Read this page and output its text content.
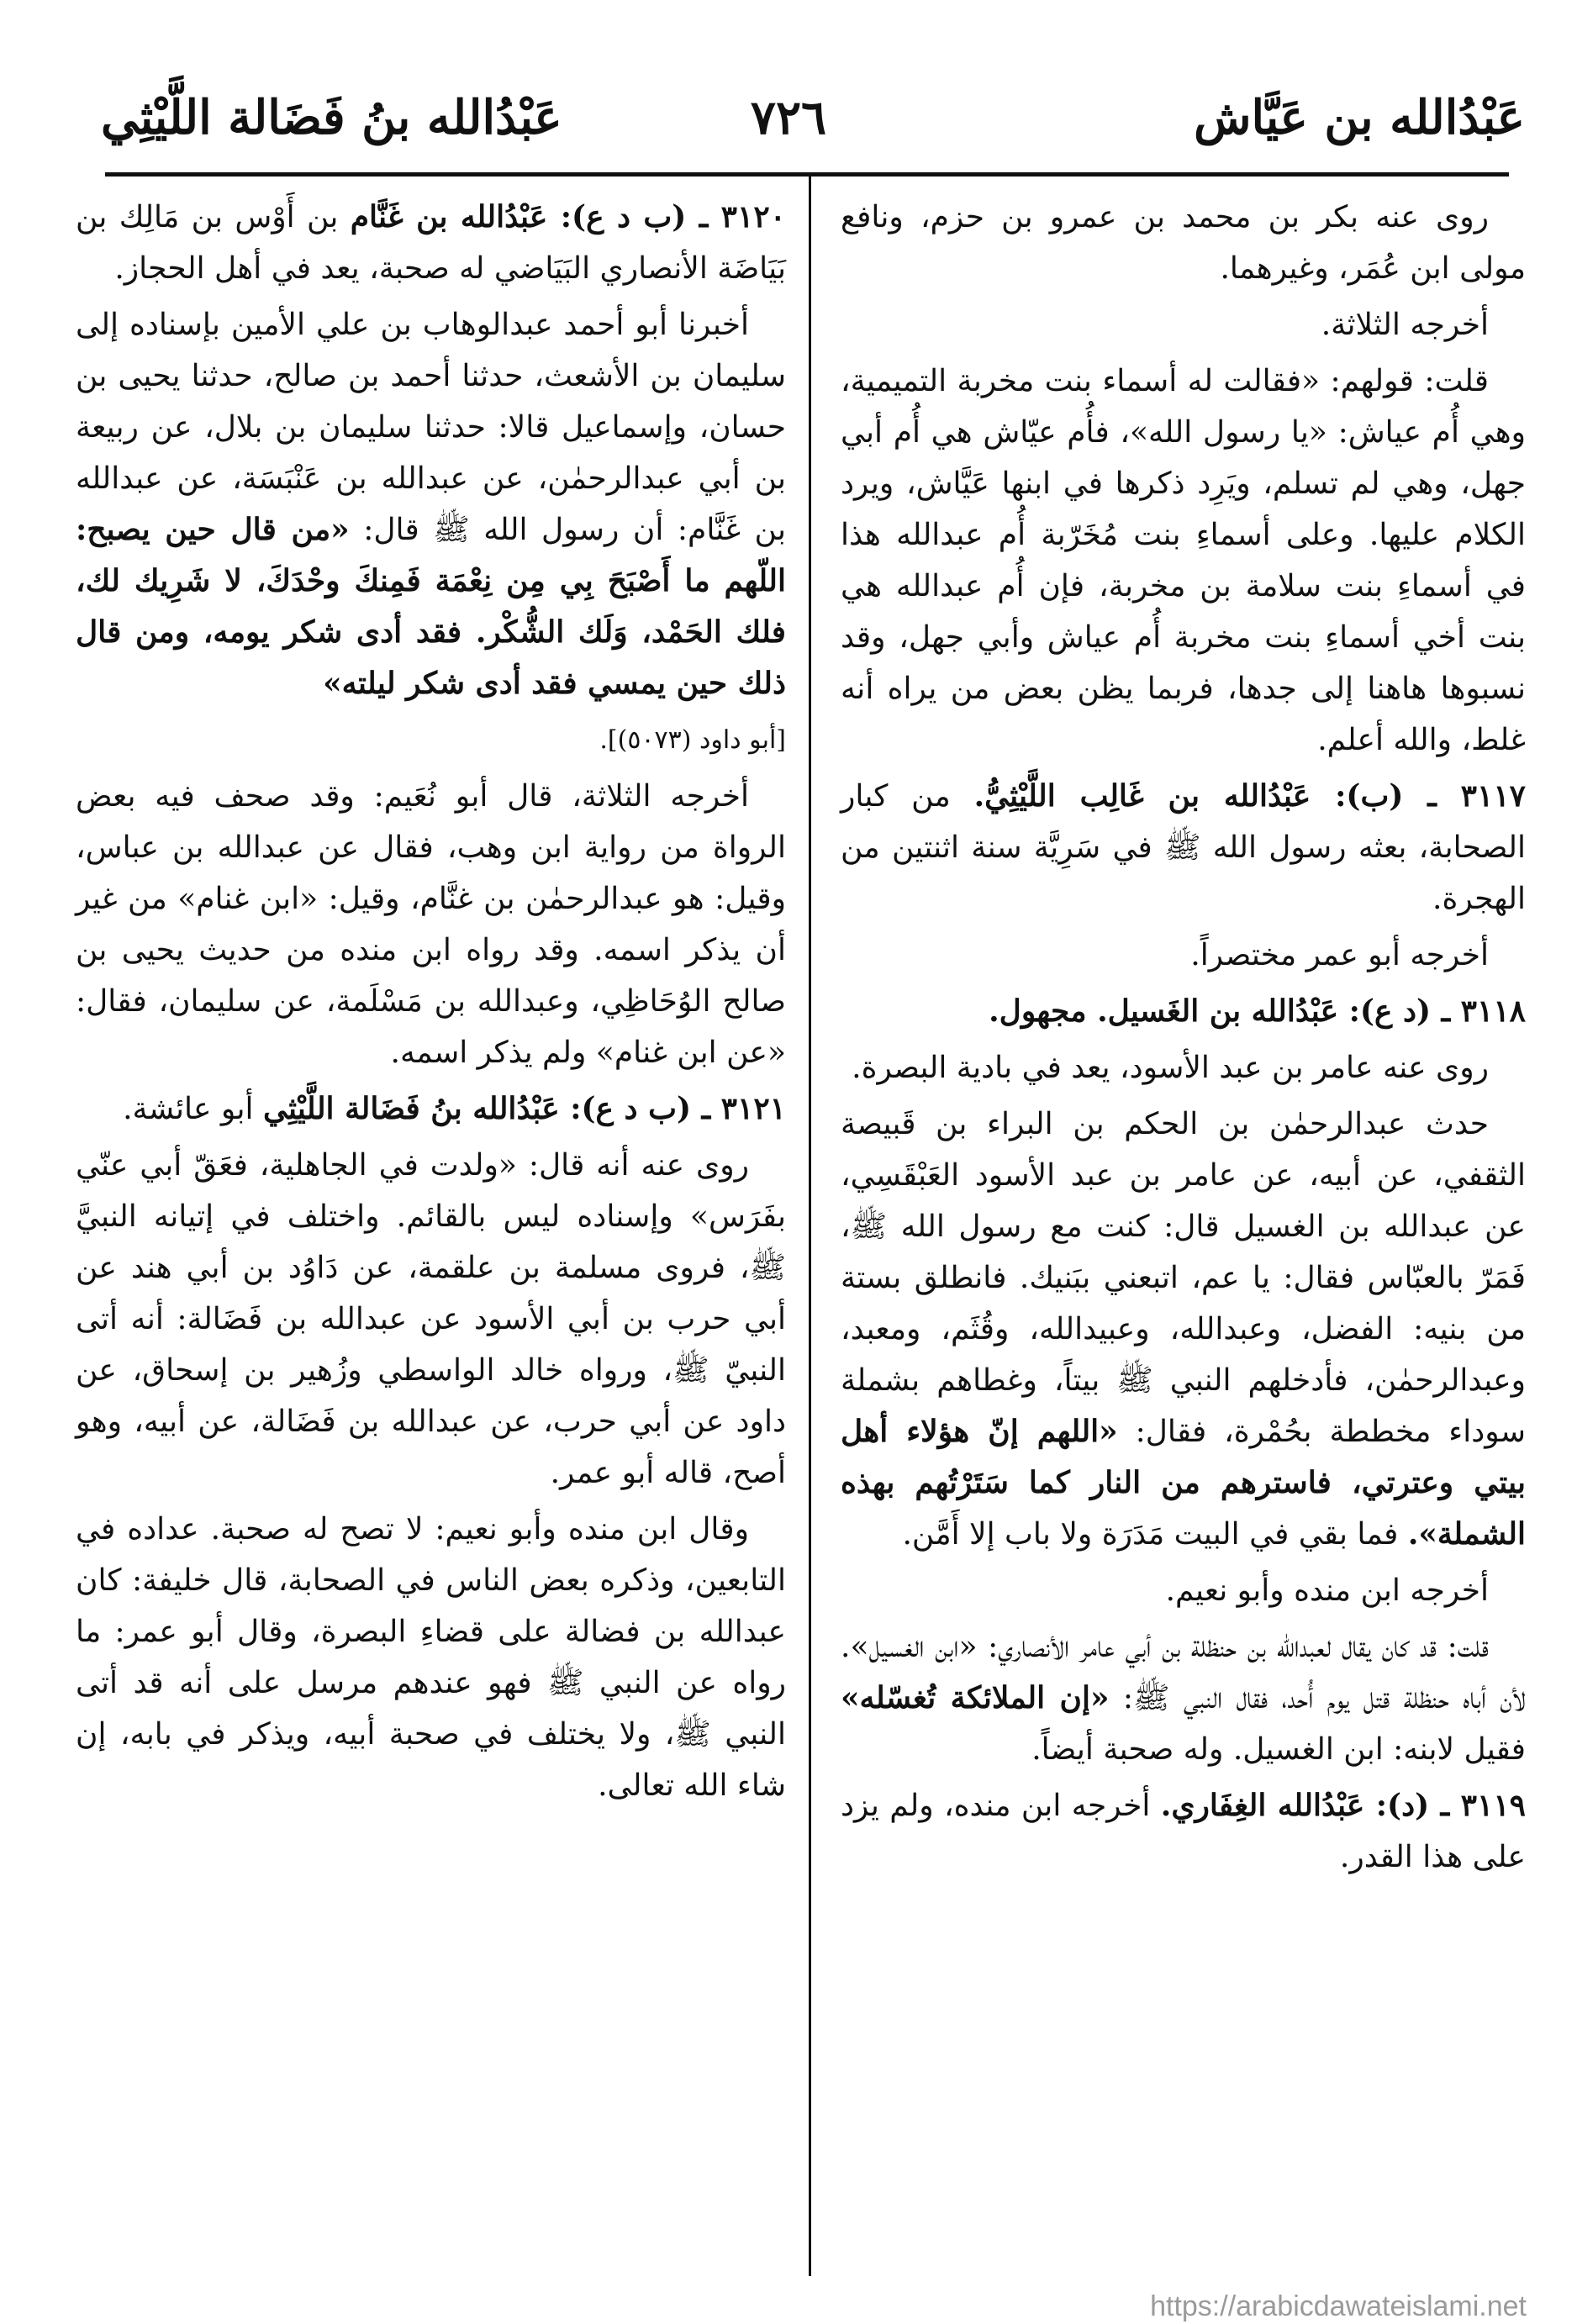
عَبْدُالله بن عَيَّاش
٧٢٦
عَبْدُالله بنُ فَضَالة اللَّيْثِي

روى عنه بكر بن محمد بن عمرو بن حزم، ونافع مولى ابن عُمَر، وغيرهما.

أخرجه الثلاثة.

قلت: قولهم: «فقالت له أسماء بنت مخربة التميمية، وهي أُم عياش: «يا رسول الله»، فأُم عيّاش هي أُم أبي جهل، وهي لم تسلم، ويَرِد ذكرها في ابنها عَيَّاش، ويرد الكلام عليها. وعلى أسماءِ بنت مُخَرّبة أُم عبدالله هذا في أسماءِ بنت سلامة بن مخربة، فإن أُم عبدالله هي بنت أخي أسماءِ بنت مخربة أُم عياش وأبي جهل، وقد نسبوها هاهنا إلى جدها، فربما يظن بعض من يراه أنه غلط، والله أعلم.

٣١١٧ ـ (ب): عَبْدُالله بن غَالِب اللَّيْثِيُّ. من كبار الصحابة، بعثه رسول الله ﷺ في سَرِيَّة سنة اثنتين من الهجرة.

أخرجه أبو عمر مختصراً.

٣١١٨ ـ (د ع): عَبْدُالله بن الغَسيل. مجهول.

روى عنه عامر بن عبد الأسود، يعد في بادية البصرة.

حدث عبدالرحمٰن بن الحكم بن البراء بن قَبيصة الثقفي، عن أبيه، عن عامر بن عبد الأسود العَبْقَسِي، عن عبدالله بن الغسيل قال: كنت مع رسول الله ﷺ، فَمَرّ بالعبّاس فقال: يا عم، اتبعني ببَنيك. فانطلق بستة من بنيه: الفضل، وعبدالله، وعبيدالله، وقُثَم، ومعبد، وعبدالرحمٰن، فأدخلهم النبي ﷺ بيتاً، وغطاهم بشملة سوداء مخططة بحُمْرة، فقال: «اللهم إنّ هؤلاء أهل بيتي وعترتي، فاسترهم من النار كما سَتَرْتُهم بهذه الشملة». فما بقي في البيت مَدَرَة ولا باب إلا أَمَّن.

أخرجه ابن منده وأبو نعيم.

قلت: قد كان يقال لعبدالله بن حنظلة بن أبي عامر الأنصاري: «ابن الغسيل». لأن أباه حنظلة قتل يوم أُحد، فقال النبي ﷺ: «إن الملائكة تُغسّله» فقيل لابنه: ابن الغسيل. وله صحبة أيضاً.

٣١١٩ ـ (د): عَبْدُالله الغِفَاري. أخرجه ابن منده، ولم يزد على هذا القدر.

٣١٢٠ ـ (ب د ع): عَبْدُالله بن غَنَّام بن أَوْس بن مَالِك بن بَيَاضَة الأنصاري البَيَاضي له صحبة، يعد في أهل الحجاز.

أخبرنا أبو أحمد عبدالوهاب بن علي الأمين بإسناده إلى سليمان بن الأشعث، حدثنا أحمد بن صالح، حدثنا يحيى بن حسان، وإسماعيل قالا: حدثنا سليمان بن بلال، عن ربيعة بن أبي عبدالرحمٰن، عن عبدالله بن عَنْبَسَة، عن عبدالله بن غَنَّام: أن رسول الله ﷺ قال: «من قال حين يصبح: اللّهم ما أَصْبَحَ بِي مِن نِعْمَة فَمِنكَ وحْدَكَ، لا شَرِيك لك، فلك الحَمْد، وَلَك الشُّكْر. فقد أدى شكر يومه، ومن قال ذلك حين يمسي فقد أدى شكر ليلته»

[أبو داود (٥٠٧٣)].

أخرجه الثلاثة، قال أبو نُعَيم: وقد صحف فيه بعض الرواة من رواية ابن وهب، فقال عن عبدالله بن عباس، وقيل: هو عبدالرحمٰن بن غنَّام، وقيل: «ابن غنام» من غير أن يذكر اسمه. وقد رواه ابن منده من حديث يحيى بن صالح الوُحَاظِي، وعبدالله بن مَسْلَمة، عن سليمان، فقال: «عن ابن غنام» ولم يذكر اسمه.

٣١٢١ ـ (ب د ع): عَبْدُالله بنُ فَضَالة اللَّيْثِي أبو عائشة.

روى عنه أنه قال: «ولدت في الجاهلية، فعَقّ أبي عنّي بفَرَس» وإسناده ليس بالقائم. واختلف في إتيانه النبيَّ ﷺ، فروى مسلمة بن علقمة، عن دَاوُد بن أبي هند عن أبي حرب بن أبي الأسود عن عبدالله بن فَضَالة: أنه أتى النبيّ ﷺ، ورواه خالد الواسطي وزُهير بن إسحاق، عن داود عن أبي حرب، عن عبدالله بن فَضَالة، عن أبيه، وهو أصح، قاله أبو عمر.

وقال ابن منده وأبو نعيم: لا تصح له صحبة. عداده في التابعين، وذكره بعض الناس في الصحابة، قال خليفة: كان عبدالله بن فضالة على قضاءِ البصرة، وقال أبو عمر: ما رواه عن النبي ﷺ فهو عندهم مرسل على أنه قد أتى النبي ﷺ، ولا يختلف في صحبة أبيه، ويذكر في بابه، إن شاء الله تعالى.

https://arabicdawateislami.net
